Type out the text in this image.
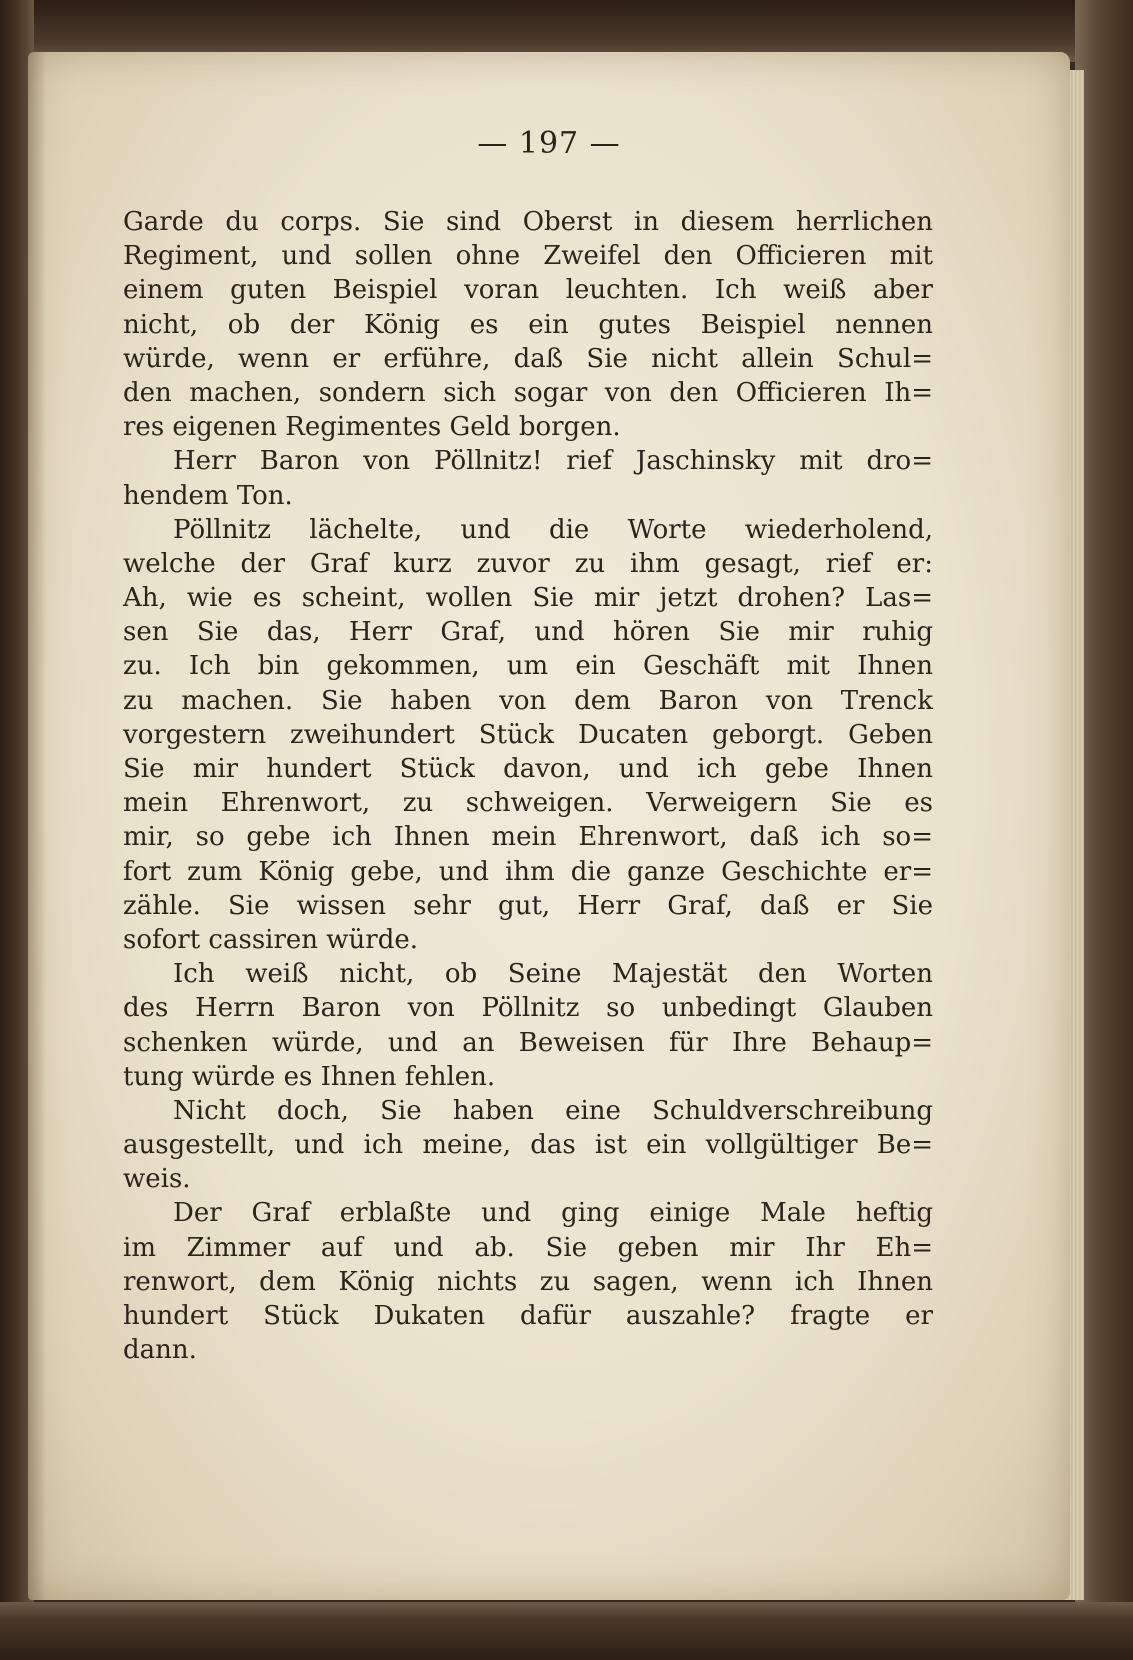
— 197 —
Garde du corps. Sie sind Oberst in diesem herrlichen
Regiment, und sollen ohne Zweifel den Officieren mit
einem guten Beispiel voran leuchten. Ich weiß aber
nicht, ob der König es ein gutes Beispiel nennen
würde, wenn er erführe, daß Sie nicht allein Schul=
den machen, sondern sich sogar von den Officieren Ih=
res eigenen Regimentes Geld borgen.
Herr Baron von Pöllnitz! rief Jaschinsky mit dro=
hendem Ton.
Pöllnitz lächelte, und die Worte wiederholend,
welche der Graf kurz zuvor zu ihm gesagt, rief er:
Ah, wie es scheint, wollen Sie mir jetzt drohen? Las=
sen Sie das, Herr Graf, und hören Sie mir ruhig
zu. Ich bin gekommen, um ein Geschäft mit Ihnen
zu machen. Sie haben von dem Baron von Trenck
vorgestern zweihundert Stück Ducaten geborgt. Geben
Sie mir hundert Stück davon, und ich gebe Ihnen
mein Ehrenwort, zu schweigen. Verweigern Sie es
mir, so gebe ich Ihnen mein Ehrenwort, daß ich so=
fort zum König gebe, und ihm die ganze Geschichte er=
zähle. Sie wissen sehr gut, Herr Graf, daß er Sie
sofort cassiren würde.
Ich weiß nicht, ob Seine Majestät den Worten
des Herrn Baron von Pöllnitz so unbedingt Glauben
schenken würde, und an Beweisen für Ihre Behaup=
tung würde es Ihnen fehlen.
Nicht doch, Sie haben eine Schuldverschreibung
ausgestellt, und ich meine, das ist ein vollgültiger Be=
weis.
Der Graf erblaßte und ging einige Male heftig
im Zimmer auf und ab. Sie geben mir Ihr Eh=
renwort, dem König nichts zu sagen, wenn ich Ihnen
hundert Stück Dukaten dafür auszahle? fragte er
dann.
